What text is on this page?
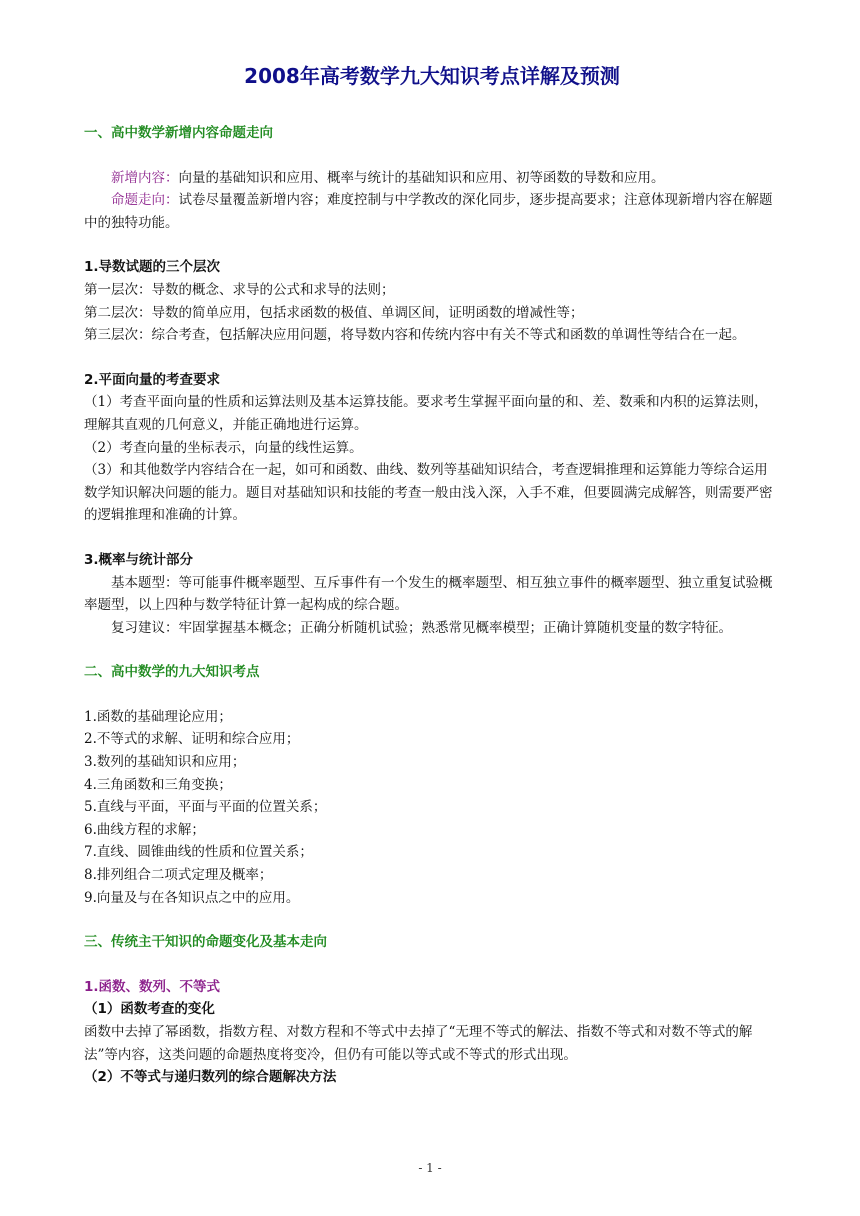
2008年高考数学九大知识考点详解及预测
一、高中数学新增内容命题走向

新增内容：向量的基础知识和应用、概率与统计的基础知识和应用、初等函数的导数和应用。

命题走向：试卷尽量覆盖新增内容；难度控制与中学教改的深化同步，逐步提高要求；注意体现新增内容在解题中的独特功能。

1.导数试题的三个层次

第一层次：导数的概念、求导的公式和求导的法则；

第二层次：导数的简单应用，包括求函数的极值、单调区间，证明函数的增减性等；

第三层次：综合考查，包括解决应用问题，将导数内容和传统内容中有关不等式和函数的单调性等结合在一起。

2.平面向量的考查要求

（1）考查平面向量的性质和运算法则及基本运算技能。要求考生掌握平面向量的和、差、数乘和内积的运算法则，理解其直观的几何意义，并能正确地进行运算。

（2）考查向量的坐标表示，向量的线性运算。

（3）和其他数学内容结合在一起，如可和函数、曲线、数列等基础知识结合，考查逻辑推理和运算能力等综合运用数学知识解决问题的能力。题目对基础知识和技能的考查一般由浅入深，入手不难，但要圆满完成解答，则需要严密的逻辑推理和准确的计算。

3.概率与统计部分

基本题型：等可能事件概率题型、互斥事件有一个发生的概率题型、相互独立事件的概率题型、独立重复试验概率题型，以上四种与数学特征计算一起构成的综合题。

复习建议：牢固掌握基本概念；正确分析随机试验；熟悉常见概率模型；正确计算随机变量的数字特征。

二、高中数学的九大知识考点
1.函数的基础理论应用；
2.不等式的求解、证明和综合应用；
3.数列的基础知识和应用；
4.三角函数和三角变换；
5.直线与平面，平面与平面的位置关系；
6.曲线方程的求解；
7.直线、圆锥曲线的性质和位置关系；
8.排列组合二项式定理及概率；
9.向量及与在各知识点之中的应用。
三、传统主干知识的命题变化及基本走向
1.函数、数列、不等式
（1）函数考查的变化

函数中去掉了幂函数，指数方程、对数方程和不等式中去掉了“无理不等式的解法、指数不等式和对数不等式的解法”等内容，这类问题的命题热度将变冷，但仍有可能以等式或不等式的形式出现。

（2）不等式与递归数列的综合题解决方法
- 1 -
